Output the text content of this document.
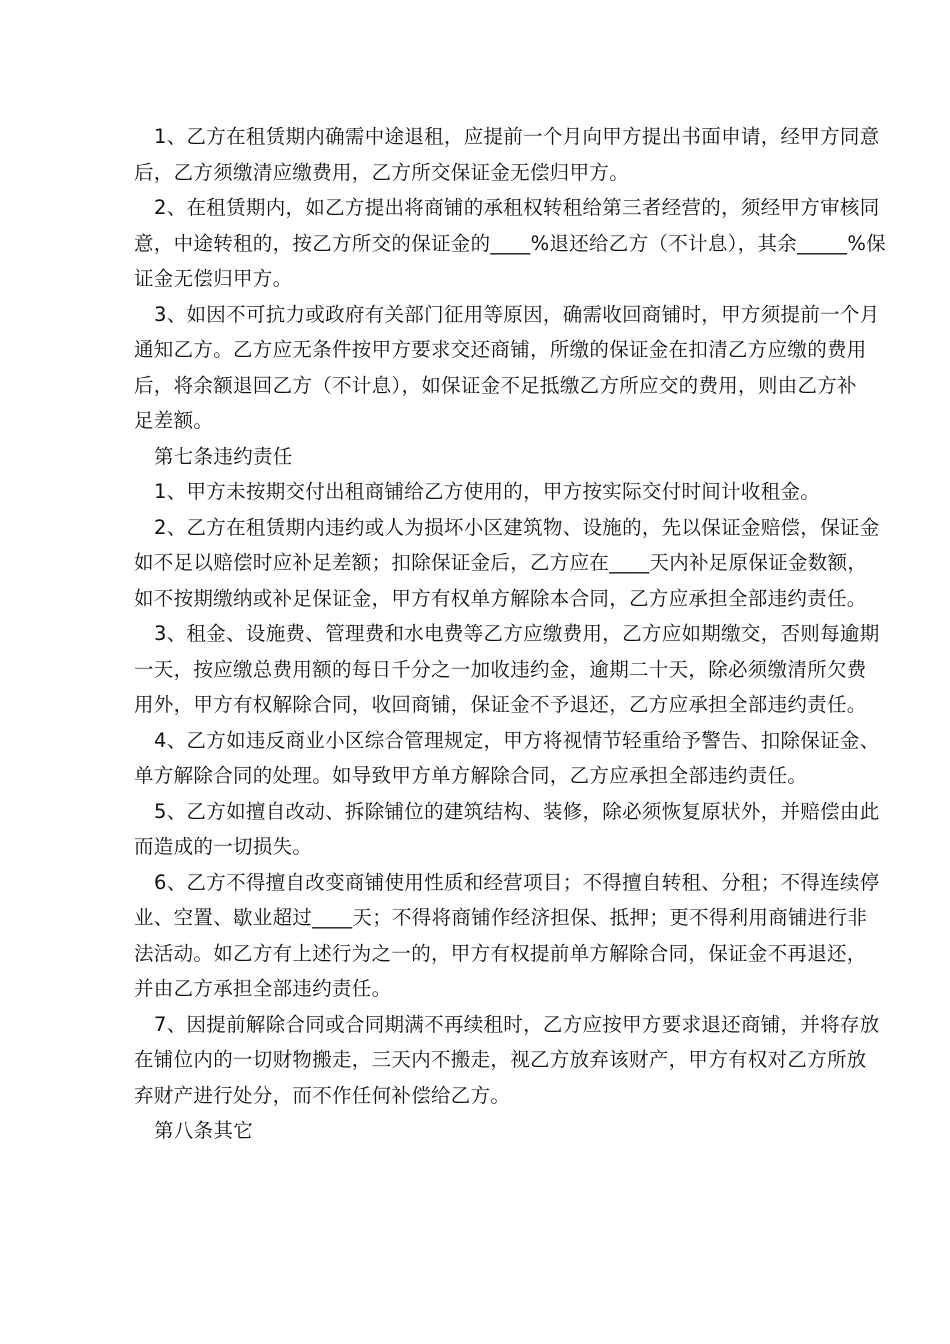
1、乙方在租赁期内确需中途退租，应提前一个月向甲方提出书面申请，经甲方同意
后，乙方须缴清应缴费用，乙方所交保证金无偿归甲方。
2、在租赁期内，如乙方提出将商铺的承租权转租给第三者经营的，须经甲方审核同
意，中途转租的，按乙方所交的保证金的____%退还给乙方（不计息），其余_____%保
证金无偿归甲方。
3、如因不可抗力或政府有关部门征用等原因，确需收回商铺时，甲方须提前一个月
通知乙方。乙方应无条件按甲方要求交还商铺，所缴的保证金在扣清乙方应缴的费用
后，将余额退回乙方（不计息），如保证金不足抵缴乙方所应交的费用，则由乙方补
足差额。
第七条违约责任
1、甲方未按期交付出租商铺给乙方使用的，甲方按实际交付时间计收租金。
2、乙方在租赁期内违约或人为损坏小区建筑物、设施的，先以保证金赔偿，保证金
如不足以赔偿时应补足差额；扣除保证金后，乙方应在____天内补足原保证金数额，
如不按期缴纳或补足保证金，甲方有权单方解除本合同，乙方应承担全部违约责任。
3、租金、设施费、管理费和水电费等乙方应缴费用，乙方应如期缴交，否则每逾期
一天，按应缴总费用额的每日千分之一加收违约金，逾期二十天，除必须缴清所欠费
用外，甲方有权解除合同，收回商铺，保证金不予退还，乙方应承担全部违约责任。
4、乙方如违反商业小区综合管理规定，甲方将视情节轻重给予警告、扣除保证金、
单方解除合同的处理。如导致甲方单方解除合同，乙方应承担全部违约责任。
5、乙方如擅自改动、拆除铺位的建筑结构、装修，除必须恢复原状外，并赔偿由此
而造成的一切损失。
6、乙方不得擅自改变商铺使用性质和经营项目；不得擅自转租、分租；不得连续停
业、空置、歇业超过____天；不得将商铺作经济担保、抵押；更不得利用商铺进行非
法活动。如乙方有上述行为之一的，甲方有权提前单方解除合同，保证金不再退还，
并由乙方承担全部违约责任。
7、因提前解除合同或合同期满不再续租时，乙方应按甲方要求退还商铺，并将存放
在铺位内的一切财物搬走，三天内不搬走，视乙方放弃该财产，甲方有权对乙方所放
弃财产进行处分，而不作任何补偿给乙方。
第八条其它
